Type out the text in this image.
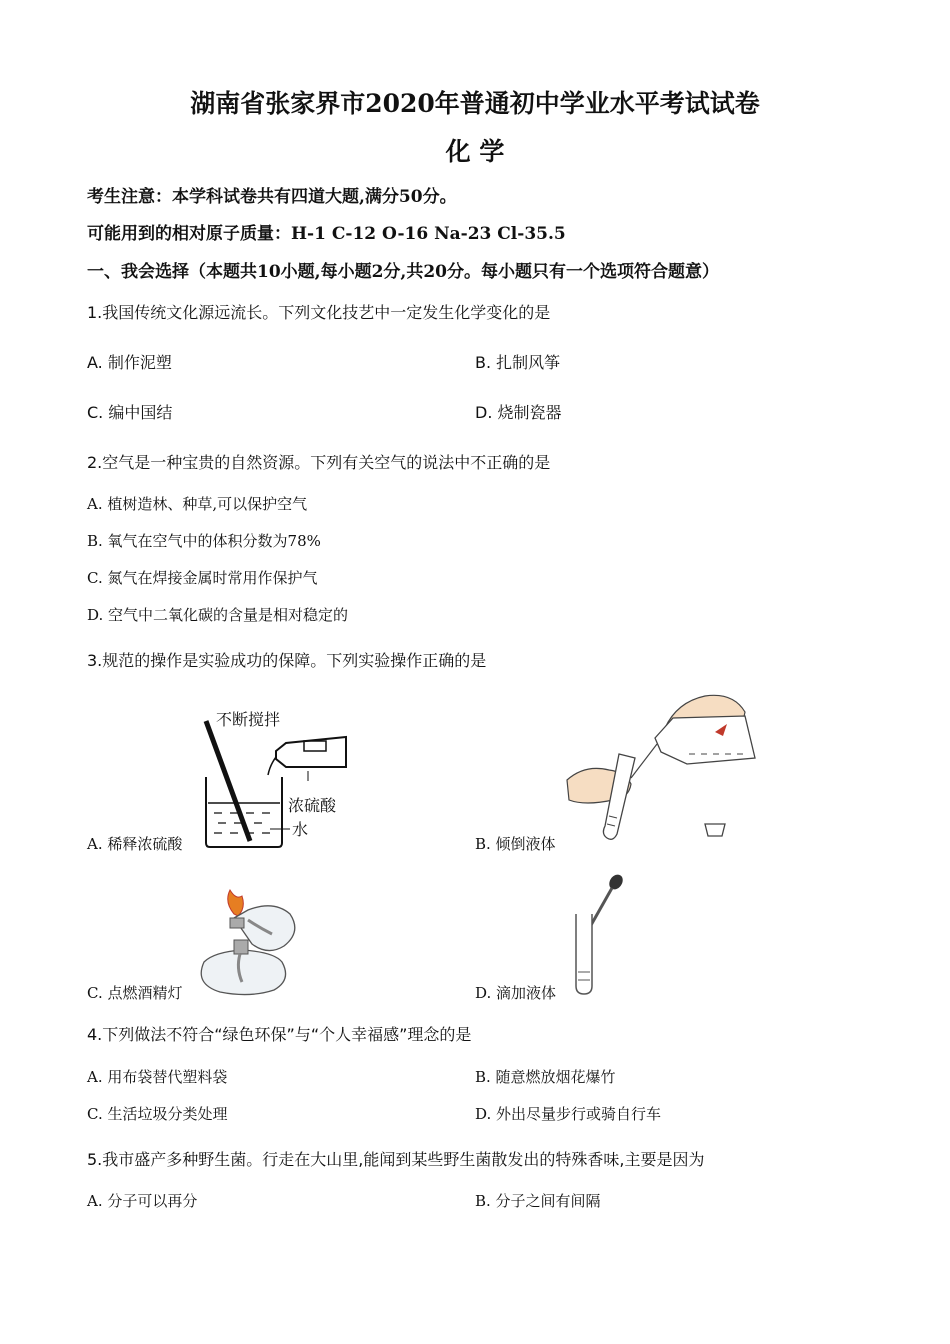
湖南省张家界市2020年普通初中学业水平考试试卷
化 学
考生注意：本学科试卷共有四道大题,满分50分。
可能用到的相对原子质量：H-1 C-12 O-16 Na-23 Cl-35.5
一、我会选择（本题共10小题,每小题2分,共20分。每小题只有一个选项符合题意）
1.我国传统文化源远流长。下列文化技艺中一定发生化学变化的是
A. 制作泥塑	B. 扎制风筝
C. 编中国结	D. 烧制瓷器
2.空气是一种宝贵的自然资源。下列有关空气的说法中不正确的是
A. 植树造林、种草,可以保护空气
B. 氧气在空气中的体积分数为78%
C. 氮气在焊接金属时常用作保护气
D. 空气中二氧化碳的含量是相对稳定的
3.规范的操作是实验成功的保障。下列实验操作正确的是
不断搅拌
浓硫酸
水
A. 稀释浓硫酸	B. 倾倒液体
C. 点燃酒精灯	D. 滴加液体
4.下列做法不符合“绿色环保”与“个人幸福感”理念的是
A. 用布袋替代塑料袋	B. 随意燃放烟花爆竹
C. 生活垃圾分类处理	D. 外出尽量步行或骑自行车
5.我市盛产多种野生菌。行走在大山里,能闻到某些野生菌散发出的特殊香味,主要是因为
A. 分子可以再分	B. 分子之间有间隔
